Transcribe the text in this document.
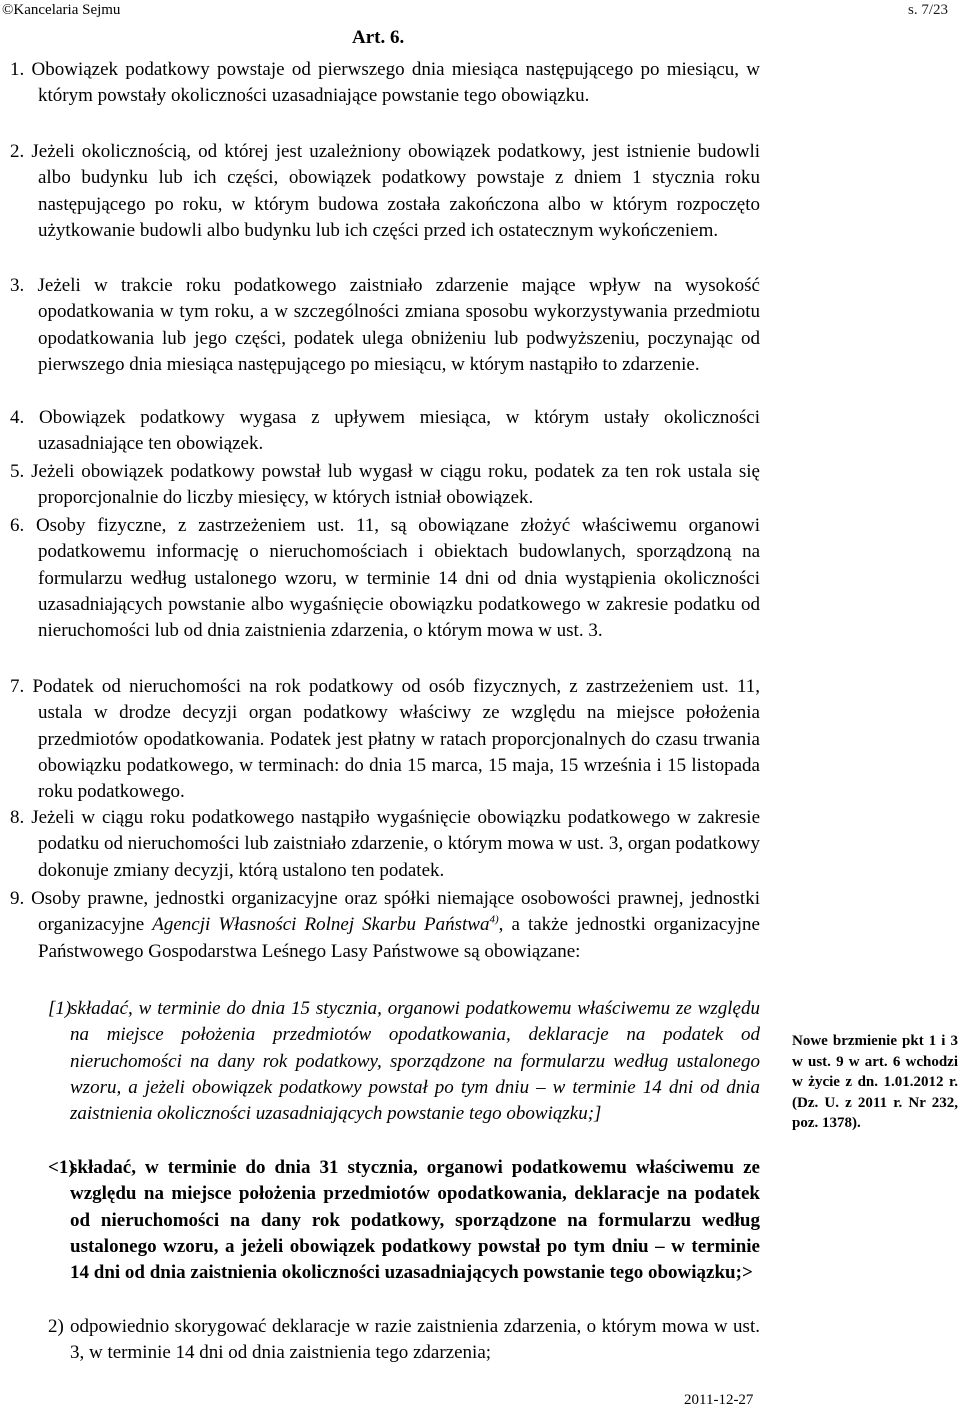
©Kancelaria Sejmu	s. 7/23
Art. 6.

1. Obowiązek podatkowy powstaje od pierwszego dnia miesiąca następującego po miesiącu, w którym powstały okoliczności uzasadniające powstanie tego obowiązku.

2. Jeżeli okolicznością, od której jest uzależniony obowiązek podatkowy, jest istnienie budowli albo budynku lub ich części, obowiązek podatkowy powstaje z dniem 1 stycznia roku następującego po roku, w którym budowa została zakończona albo w którym rozpoczęto użytkowanie budowli albo budynku lub ich części przed ich ostatecznym wykończeniem.

3. Jeżeli w trakcie roku podatkowego zaistniało zdarzenie mające wpływ na wysokość opodatkowania w tym roku, a w szczególności zmiana sposobu wykorzystywania przedmiotu opodatkowania lub jego części, podatek ulega obniżeniu lub podwyższeniu, poczynając od pierwszego dnia miesiąca następującego po miesiącu, w którym nastąpiło to zdarzenie.

4. Obowiązek podatkowy wygasa z upływem miesiąca, w którym ustały okoliczności uzasadniające ten obowiązek.

5. Jeżeli obowiązek podatkowy powstał lub wygasł w ciągu roku, podatek za ten rok ustala się proporcjonalnie do liczby miesięcy, w których istniał obowiązek.

6. Osoby fizyczne, z zastrzeżeniem ust. 11, są obowiązane złożyć właściwemu organowi podatkowemu informację o nieruchomościach i obiektach budowlanych, sporządzoną na formularzu według ustalonego wzoru, w terminie 14 dni od dnia wystąpienia okoliczności uzasadniających powstanie albo wygaśnięcie obowiązku podatkowego w zakresie podatku od nieruchomości lub od dnia zaistnienia zdarzenia, o którym mowa w ust. 3.

7. Podatek od nieruchomości na rok podatkowy od osób fizycznych, z zastrzeżeniem ust. 11, ustala w drodze decyzji organ podatkowy właściwy ze względu na miejsce położenia przedmiotów opodatkowania. Podatek jest płatny w ratach proporcjonalnych do czasu trwania obowiązku podatkowego, w terminach: do dnia 15 marca, 15 maja, 15 września i 15 listopada roku podatkowego.

8. Jeżeli w ciągu roku podatkowego nastąpiło wygaśnięcie obowiązku podatkowego w zakresie podatku od nieruchomości lub zaistniało zdarzenie, o którym mowa w ust. 3, organ podatkowy dokonuje zmiany decyzji, którą ustalono ten podatek.

9. Osoby prawne, jednostki organizacyjne oraz spółki niemające osobowości prawnej, jednostki organizacyjne Agencji Własności Rolnej Skarbu Państwa$^{4)}$, a także jednostki organizacyjne Państwowego Gospodarstwa Leśnego Lasy Państwowe są obowiązane:

[1)

składać, w terminie do dnia 15 stycznia, organowi podatkowemu właściwemu ze względu na miejsce położenia przedmiotów opodatkowania, deklaracje na podatek od nieruchomości na dany rok podatkowy, sporządzone na formularzu według ustalonego wzoru, a jeżeli obowiązek podatkowy powstał po tym dniu – w terminie 14 dni od dnia zaistnienia okoliczności uzasadniających powstanie tego obowiązku;]

<1)

składać, w terminie do dnia 31 stycznia, organowi podatkowemu właściwemu ze względu na miejsce położenia przedmiotów opodatkowania, deklaracje na podatek od nieruchomości na dany rok podatkowy, sporządzone na formularzu według ustalonego wzoru, a jeżeli obowiązek podatkowy powstał po tym dniu – w terminie 14 dni od dnia zaistnienia okoliczności uzasadniających powstanie tego obowiązku;>

2) odpowiednio skorygować deklaracje w razie zaistnienia zdarzenia, o którym mowa w ust. 3, w terminie 14 dni od dnia zaistnienia tego zdarzenia;

Nowe brzmienie pkt 1 i 3 w ust. 9 w art. 6 wchodzi w życie z dn. 1.01.2012 r. (Dz. U. z 2011 r. Nr 232, poz. 1378).
2011-12-27
